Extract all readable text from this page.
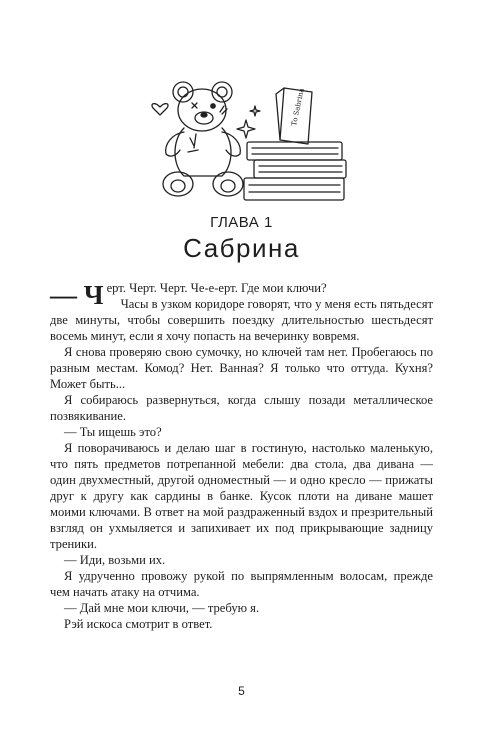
To Sabrina
ГЛАВА 1
Сабрина

— Ч ерт. Черт. Черт. Че-е-ерт. Где мои ключи?

Часы в узком коридоре говорят, что у меня есть пятьдесят две минуты, чтобы совершить поездку длительностью шестьдесят восемь минут, если я хочу попасть на вечеринку вовремя.

Я снова проверяю свою сумочку, но ключей там нет. Пробегаюсь по разным местам. Комод? Нет. Ванная? Я только что оттуда. Кухня? Может быть...

Я собираюсь развернуться, когда слышу позади металлическое позвякивание.

— Ты ищешь это?

Я поворачиваюсь и делаю шаг в гостиную, настолько маленькую, что пять предметов потрепанной мебели: два стола, два дивана — один двухместный, другой одноместный — и одно кресло — прижаты друг к другу как сардины в банке. Кусок плоти на диване машет моими ключами. В ответ на мой раздраженный вздох и презрительный взгляд он ухмыляется и запихивает их под прикрывающие задницу треники.

— Иди, возьми их.

Я удрученно провожу рукой по выпрямленным волосам, прежде чем начать атаку на отчима.

— Дай мне мои ключи, — требую я.

Рэй искоса смотрит в ответ.

5
